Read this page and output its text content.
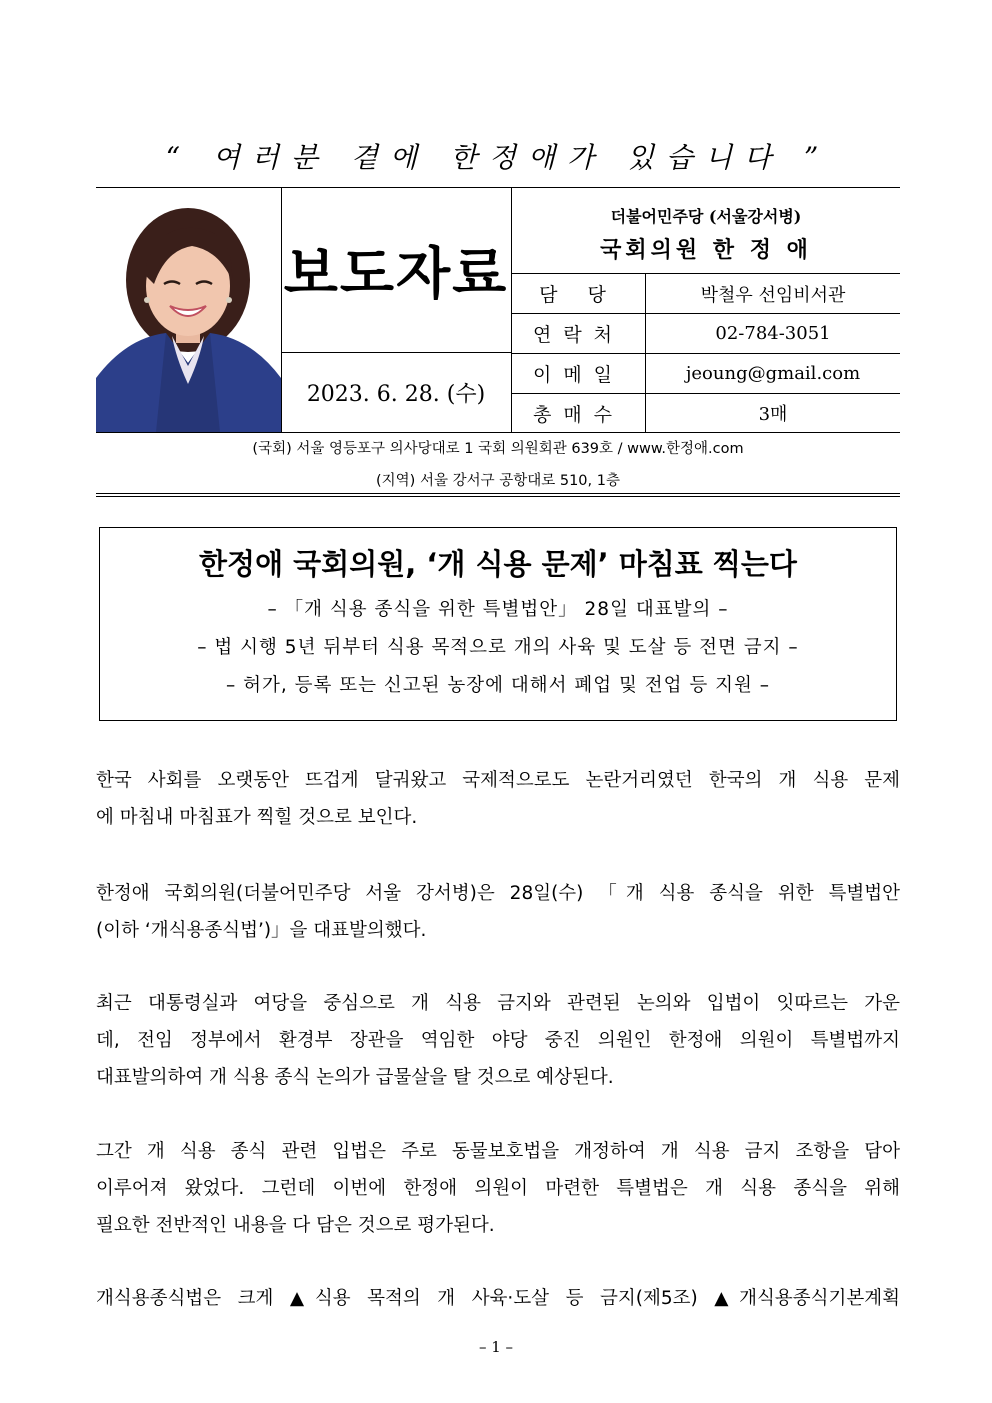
“ 여러분 곁에 한정애가 있습니다 ”
보도자료
2023. 6. 28. (수)
더불어민주당 (서울강서병)
국회의원 한 정 애
담 당	박철우 선임비서관
연락처	02-784-3051
이메일	jeoung@gmail.com
총매수	3매
(국회) 서울 영등포구 의사당대로 1 국회 의원회관 639호 / www.한정애.com
(지역) 서울 강서구 공항대로 510, 1층
한정애 국회의원, ‘개 식용 문제’ 마침표 찍는다
– 「개 식용 종식을 위한 특별법안」 28일 대표발의 –
– 법 시행 5년 뒤부터 식용 목적으로 개의 사육 및 도살 등 전면 금지 –
– 허가, 등록 또는 신고된 농장에 대해서 폐업 및 전업 등 지원 –
한국 사회를 오랫동안 뜨겁게 달궈왔고 국제적으로도 논란거리였던 한국의 개 식용 문제
에 마침내 마침표가 찍힐 것으로 보인다.
한정애 국회의원(더불어민주당 서울 강서병)은 28일(수) 「개 식용 종식을 위한 특별법안
(이하 ‘개식용종식법’)」을 대표발의했다.
최근 대통령실과 여당을 중심으로 개 식용 금지와 관련된 논의와 입법이 잇따르는 가운
데, 전임 정부에서 환경부 장관을 역임한 야당 중진 의원인 한정애 의원이 특별법까지
대표발의하여 개 식용 종식 논의가 급물살을 탈 것으로 예상된다.
그간 개 식용 종식 관련 입법은 주로 동물보호법을 개정하여 개 식용 금지 조항을 담아
이루어져 왔었다. 그런데 이번에 한정애 의원이 마련한 특별법은 개 식용 종식을 위해
필요한 전반적인 내용을 다 담은 것으로 평가된다.
개식용종식법은 크게 ▲식용 목적의 개 사육·도살 등 금지(제5조) ▲개식용종식기본계획
– 1 –
